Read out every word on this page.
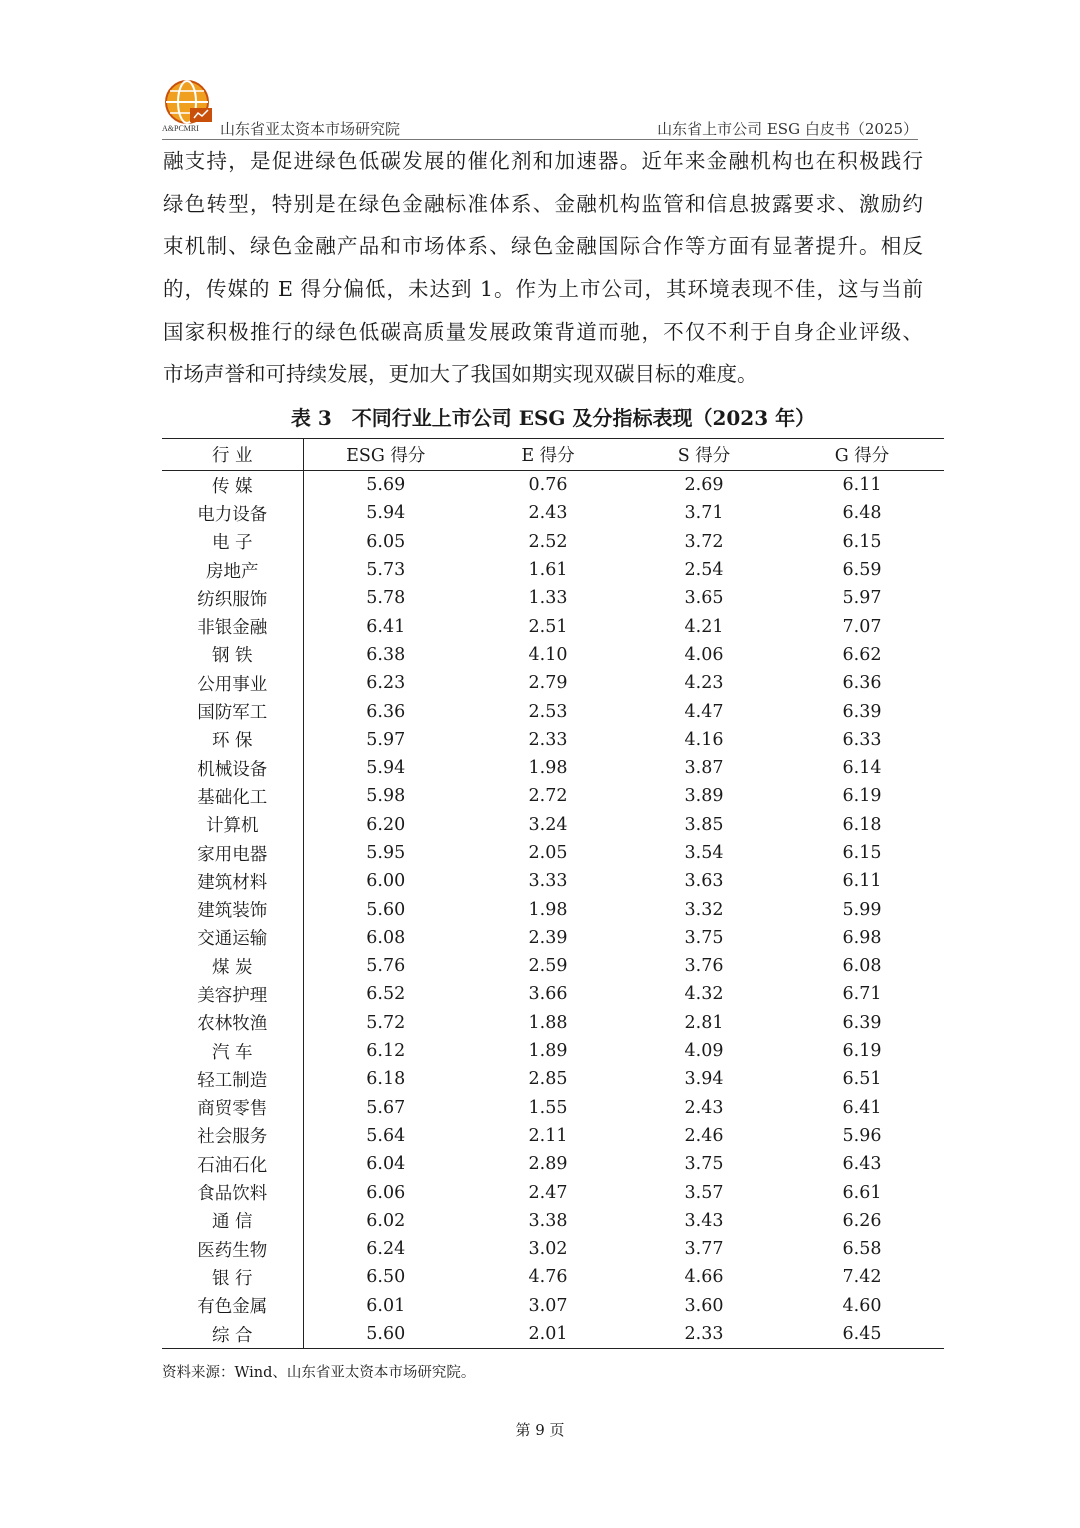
A&PCMRI 山东省亚太资本市场研究院	山东省上市公司 ESG 白皮书（2025）
融支持，是促进绿色低碳发展的催化剂和加速器。近年来金融机构也在积极践行
绿色转型，特别是在绿色金融标准体系、金融机构监管和信息披露要求、激励约
束机制、绿色金融产品和市场体系、绿色金融国际合作等方面有显著提升。相反
的，传媒的 E 得分偏低，未达到 1。作为上市公司，其环境表现不佳，这与当前
国家积极推行的绿色低碳高质量发展政策背道而驰，不仅不利于自身企业评级、
市场声誉和可持续发展，更加大了我国如期实现双碳目标的难度。
表 3　不同行业上市公司 ESG 及分指标表现（2023 年）
行 业	ESG 得分	E 得分	S 得分	G 得分
传 媒	5.69	0.76	2.69	6.11
电力设备	5.94	2.43	3.71	6.48
电 子	6.05	2.52	3.72	6.15
房地产	5.73	1.61	2.54	6.59
纺织服饰	5.78	1.33	3.65	5.97
非银金融	6.41	2.51	4.21	7.07
钢 铁	6.38	4.10	4.06	6.62
公用事业	6.23	2.79	4.23	6.36
国防军工	6.36	2.53	4.47	6.39
环 保	5.97	2.33	4.16	6.33
机械设备	5.94	1.98	3.87	6.14
基础化工	5.98	2.72	3.89	6.19
计算机	6.20	3.24	3.85	6.18
家用电器	5.95	2.05	3.54	6.15
建筑材料	6.00	3.33	3.63	6.11
建筑装饰	5.60	1.98	3.32	5.99
交通运输	6.08	2.39	3.75	6.98
煤 炭	5.76	2.59	3.76	6.08
美容护理	6.52	3.66	4.32	6.71
农林牧渔	5.72	1.88	2.81	6.39
汽 车	6.12	1.89	4.09	6.19
轻工制造	6.18	2.85	3.94	6.51
商贸零售	5.67	1.55	2.43	6.41
社会服务	5.64	2.11	2.46	5.96
石油石化	6.04	2.89	3.75	6.43
食品饮料	6.06	2.47	3.57	6.61
通 信	6.02	3.38	3.43	6.26
医药生物	6.24	3.02	3.77	6.58
银 行	6.50	4.76	4.66	7.42
有色金属	6.01	3.07	3.60	4.60
综 合	5.60	2.01	2.33	6.45
资料来源：Wind、山东省亚太资本市场研究院。
第 9 页
